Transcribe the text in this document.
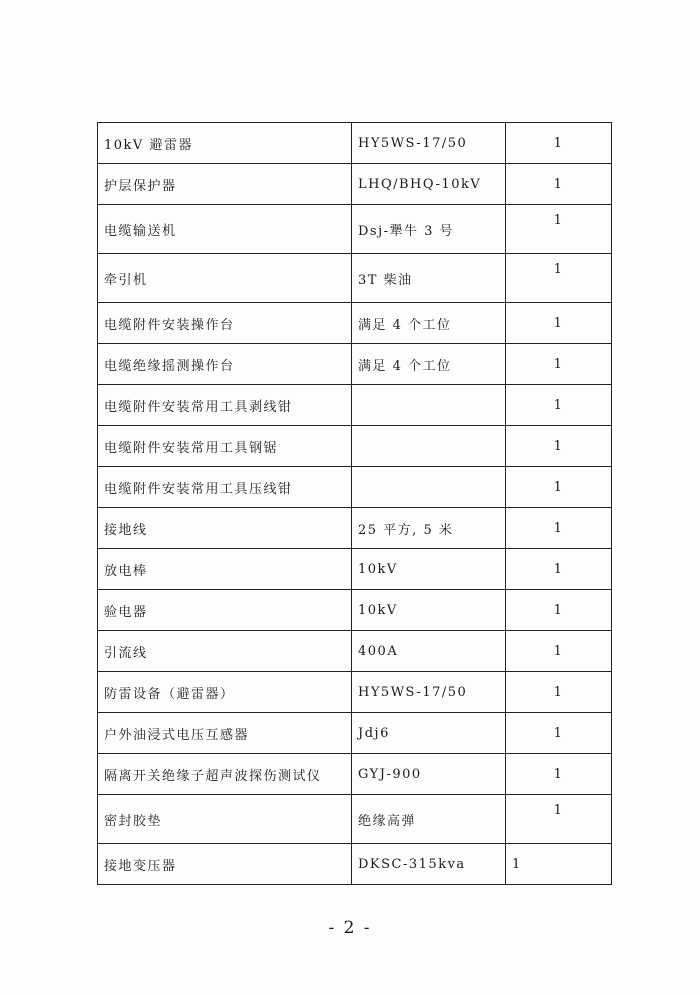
10kV 避雷器	HY5WS-17/50	1
护层保护器	LHQ/BHQ-10kV	1
电缆输送机	Dsj-犟牛 3 号	1
牵引机	3T 柴油	1
电缆附件安装操作台	满足 4 个工位	1
电缆绝缘摇测操作台	满足 4 个工位	1
电缆附件安装常用工具剥线钳		1
电缆附件安装常用工具钢锯		1
电缆附件安装常用工具压线钳		1
接地线	25 平方, 5 米	1
放电棒	10kV	1
验电器	10kV	1
引流线	400A	1
防雷设备（避雷器）	HY5WS-17/50	1
户外油浸式电压互感器	Jdj6	1
隔离开关绝缘子超声波探伤测试仪	GYJ-900	1
密封胶垫	绝缘高弹	1
接地变压器	DKSC-315kva	1
- 2 -
